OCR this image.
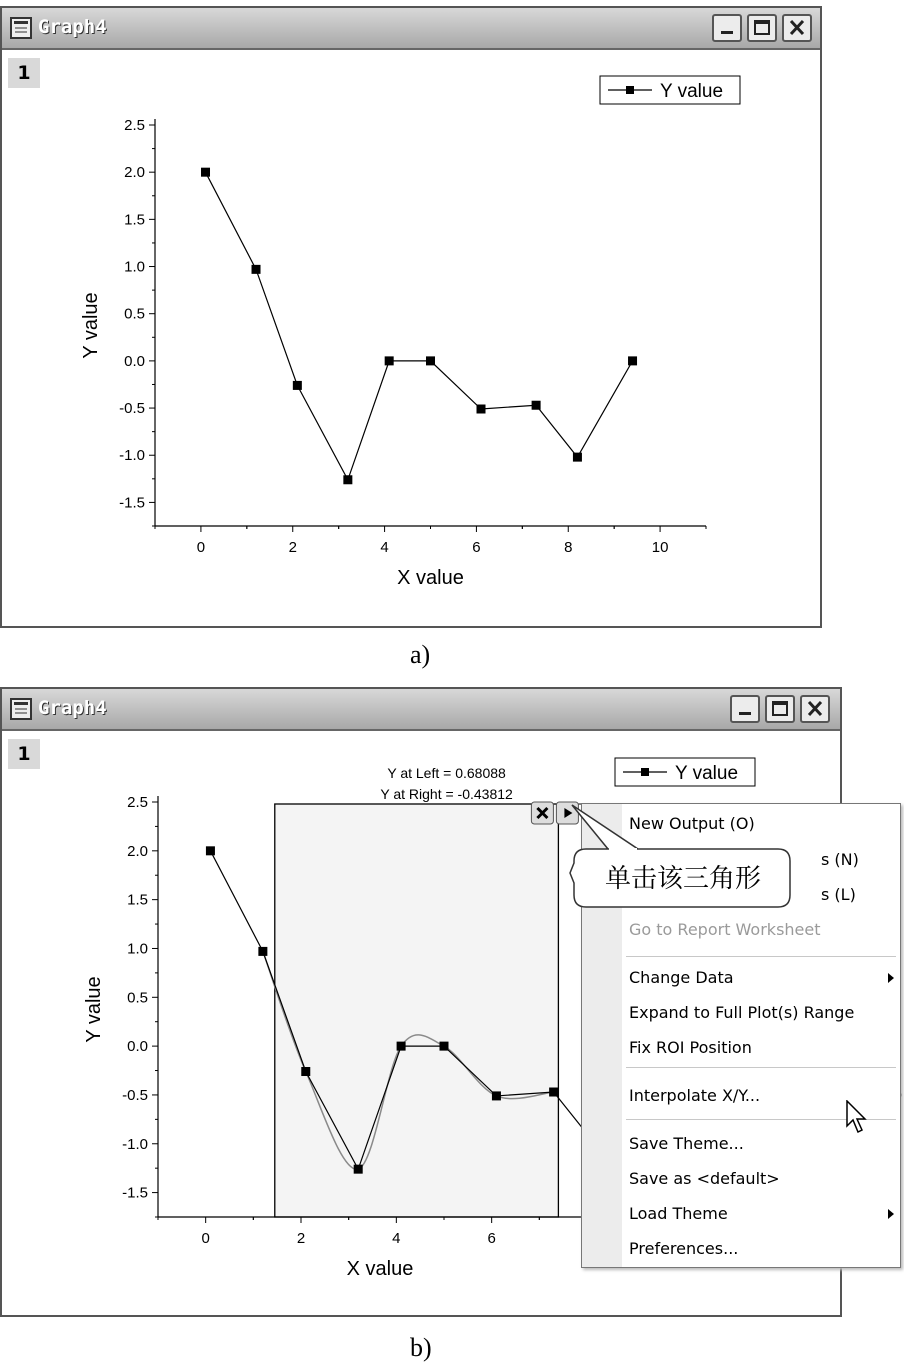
Graph4
1
2.5
2.0
1.5
1.0
0.5
0.0
-0.5
-1.0
-1.5
0	2	4	6	8	10
X value
Y value
Y value
a)
Graph4
1
Y at Left = 0.68088
Y at Right = -0.43812
2.5
2.0
1.5
1.0
0.5
0.0
-0.5
-1.0
-1.5
0	2	4	6
X value
Y value
Y value
New Output (O)
s (N)
s (L)
Go to Report Worksheet
Change Data
Expand to Full Plot(s) Range
Fix ROI Position
Interpolate X/Y...
Save Theme...
Save as <default>
Load Theme
Preferences...
单击该三角形
b)
